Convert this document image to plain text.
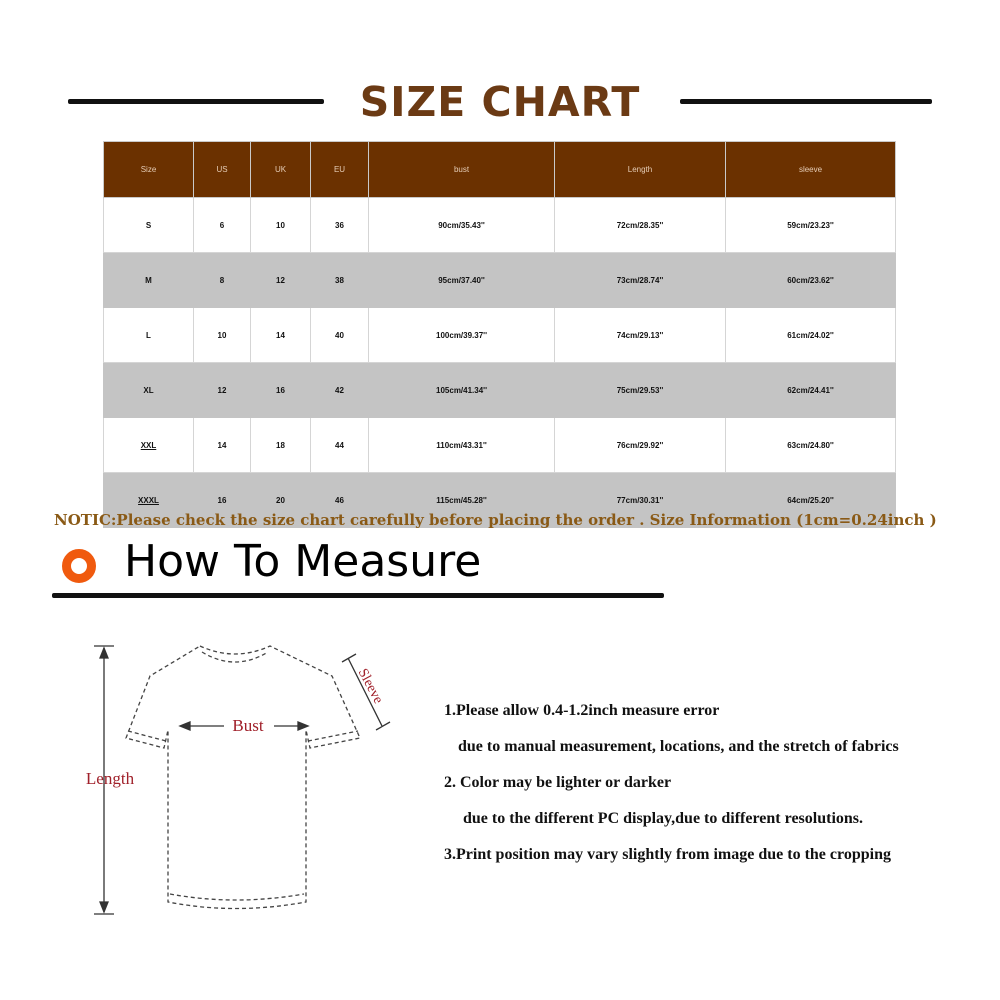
SIZE CHART
Size	US	UK	EU	bust	Length	sleeve
S	6	10	36	90cm/35.43''	72cm/28.35''	59cm/23.23''
M	8	12	38	95cm/37.40''	73cm/28.74''	60cm/23.62''
L	10	14	40	100cm/39.37''	74cm/29.13''	61cm/24.02''
XL	12	16	42	105cm/41.34''	75cm/29.53''	62cm/24.41''
XXL	14	18	44	110cm/43.31''	76cm/29.92''	63cm/24.80''
XXXL	16	20	46	115cm/45.28''	77cm/30.31''	64cm/25.20''
NOTIC:Please check the size chart carefully before placing the order . Size Information (1cm=0.24inch )
How To Measure
Length
Bust
Sleeve
1.Please allow 0.4-1.2inch measure error
due to manual measurement, locations, and the stretch of fabrics
2. Color may be lighter or darker
due to the different PC display,due to different resolutions.
3.Print position may vary slightly from image due to the cropping
